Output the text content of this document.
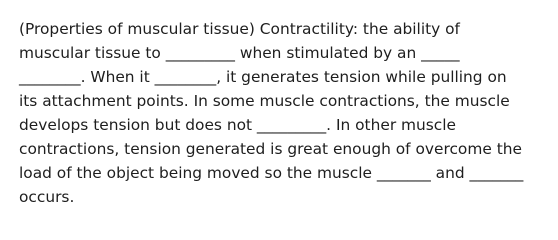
(Properties of muscular tissue) Contractility: the ability of
muscular tissue to _________ when stimulated by an _____
________. When it ________, it generates tension while pulling on
its attachment points. In some muscle contractions, the muscle
develops tension but does not _________. In other muscle
contractions, tension generated is great enough of overcome the
load of the object being moved so the muscle _______ and _______
occurs.
